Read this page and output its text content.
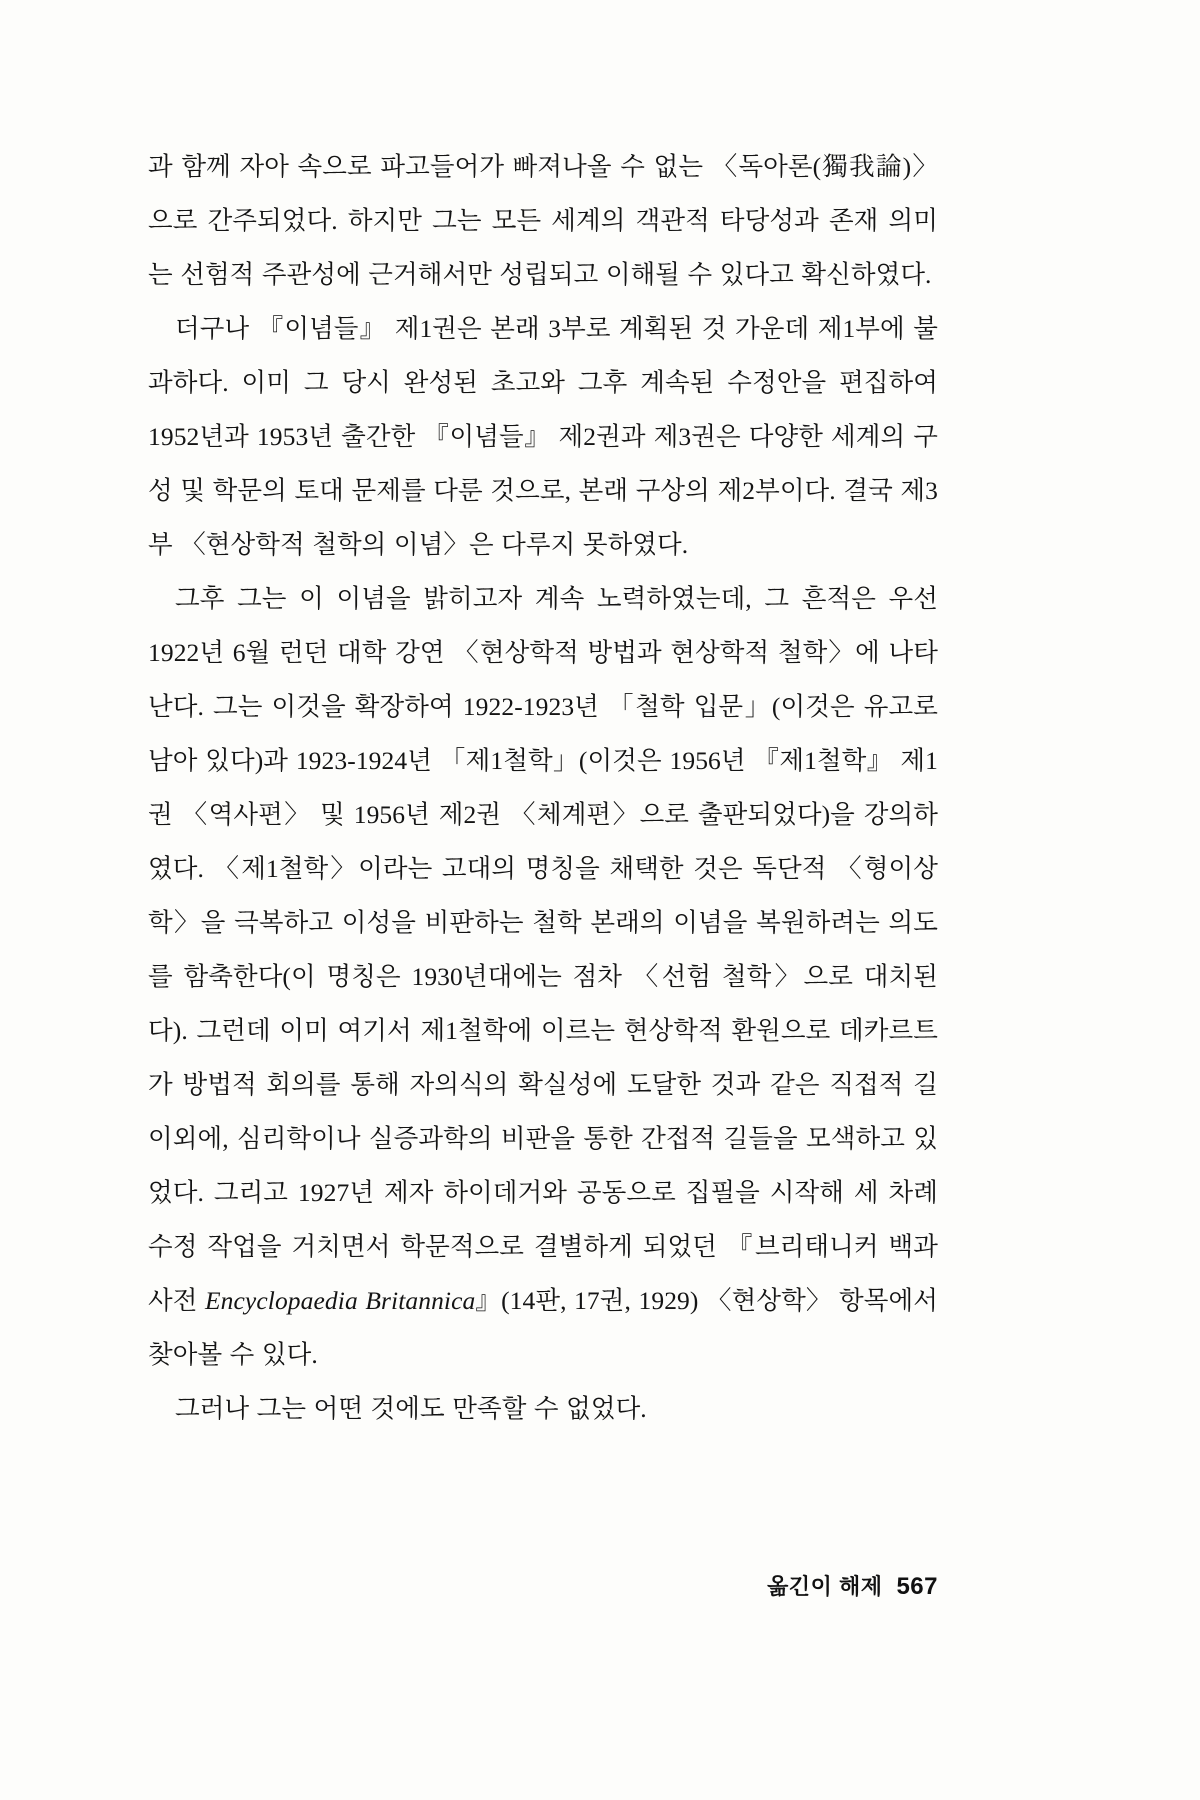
과 함께 자아 속으로 파고들어가 빠져나올 수 없는 〈독아론(獨我論)〉으로 간주되었다. 하지만 그는 모든 세계의 객관적 타당성과 존재 의미는 선험적 주관성에 근거해서만 성립되고 이해될 수 있다고 확신하였다.

더구나 『이념들』 제1권은 본래 3부로 계획된 것 가운데 제1부에 불과하다. 이미 그 당시 완성된 초고와 그후 계속된 수정안을 편집하여 1952년과 1953년 출간한 『이념들』 제2권과 제3권은 다양한 세계의 구성 및 학문의 토대 문제를 다룬 것으로, 본래 구상의 제2부이다. 결국 제3부 〈현상학적 철학의 이념〉은 다루지 못하였다.

그후 그는 이 이념을 밝히고자 계속 노력하였는데, 그 흔적은 우선 1922년 6월 런던 대학 강연 〈현상학적 방법과 현상학적 철학〉에 나타난다. 그는 이것을 확장하여 1922-1923년 「철학 입문」(이것은 유고로 남아 있다)과 1923-1924년 「제1철학」(이것은 1956년 『제1철학』 제1권 〈역사편〉 및 1956년 제2권 〈체계편〉으로 출판되었다)을 강의하였다. 〈제1철학〉이라는 고대의 명칭을 채택한 것은 독단적 〈형이상학〉을 극복하고 이성을 비판하는 철학 본래의 이념을 복원하려는 의도를 함축한다(이 명칭은 1930년대에는 점차 〈선험 철학〉으로 대치된다). 그런데 이미 여기서 제1철학에 이르는 현상학적 환원으로 데카르트가 방법적 회의를 통해 자의식의 확실성에 도달한 것과 같은 직접적 길 이외에, 심리학이나 실증과학의 비판을 통한 간접적 길들을 모색하고 있었다. 그리고 1927년 제자 하이데거와 공동으로 집필을 시작해 세 차례 수정 작업을 거치면서 학문적으로 결별하게 되었던 『브리태니커 백과사전 Encyclopaedia Britannica』(14판, 17권, 1929) 〈현상학〉 항목에서 찾아볼 수 있다.

그러나 그는 어떤 것에도 만족할 수 없었다.

옮긴이 해제 567
